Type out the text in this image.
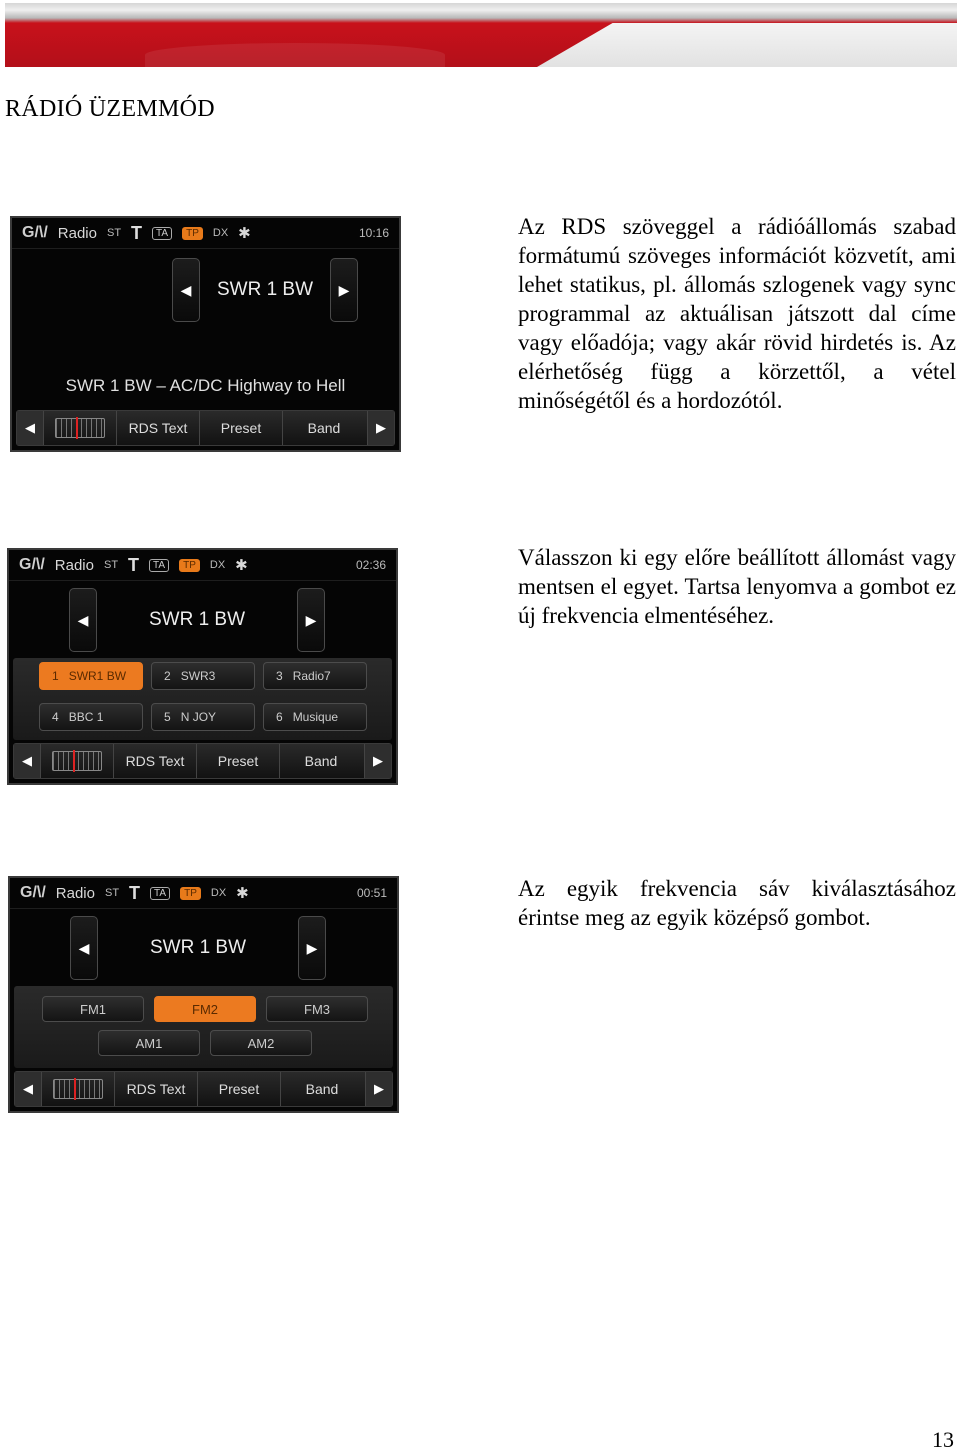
RÁDIÓ ÜZEMMÓD
G/\/ Radio ST T	TA	TP	DX ✱	10:16
◀	SWR 1 BW	▶
SWR 1 BW – AC/DC Highway to Hell
◀	RDS Text	Preset	Band	▶

Az RDS szöveggel a rádióállomás szabad formátumú szöveges információt közvetít, ami lehet statikus, pl. állomás szlogenek vagy sync programmal az aktuálisan játszott dal címe vagy előadója; vagy akár rövid hirdetés is. Az elérhetőség függ a körzettől, a vétel minőségétől és a hordozótól.

G/\/ Radio ST T	TA	TP	DX ✱	02:36
◀	SWR 1 BW	▶
1 SWR1 BW	2 SWR3	3 Radio7
4 BBC 1	5 N JOY	6 Musique
◀	RDS Text	Preset	Band	▶

Válasszon ki egy előre beállított állomást vagy mentsen el egyet. Tartsa lenyomva a gombot ez új frekvencia elmentéséhez.

G/\/ Radio ST T	TA	TP	DX ✱	00:51
◀	SWR 1 BW	▶
FM1	FM2	FM3
AM1	AM2
◀	RDS Text	Preset	Band	▶

Az egyik frekvencia sáv kiválasztásához érintse meg az egyik középső gombot.

13
